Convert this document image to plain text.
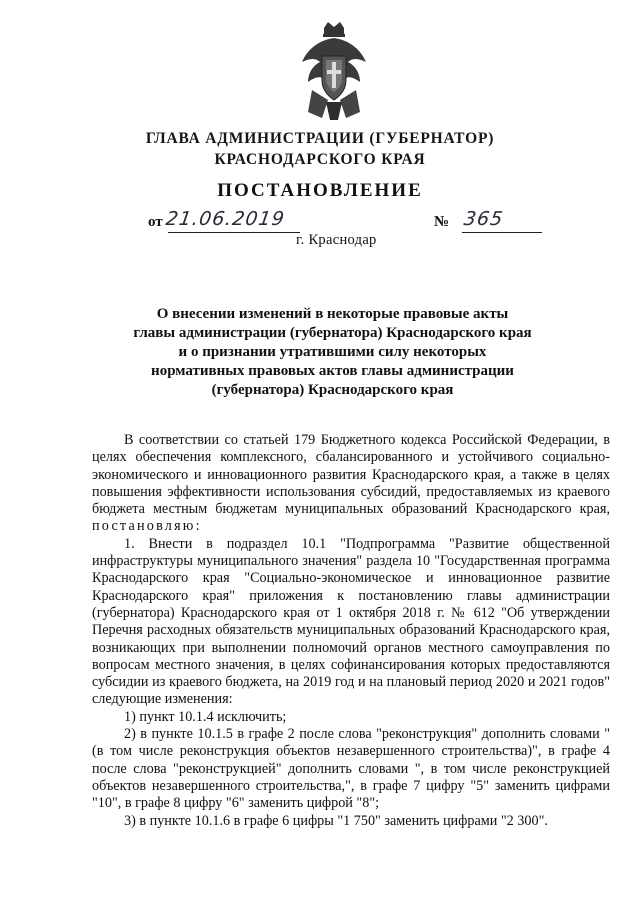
ГЛАВА АДМИНИСТРАЦИИ (ГУБЕРНАТОР)
КРАСНОДАРСКОГО КРАЯ
ПОСТАНОВЛЕНИЕ
от 21.06.2019	№ 365
г. Краснодар
О внесении изменений в некоторые правовые акты
главы администрации (губернатора) Краснодарского края
и о признании утратившими силу некоторых
нормативных правовых актов главы администрации
(губернатора) Краснодарского края

В соответствии со статьей 179 Бюджетного кодекса Российской Федерации, в целях обеспечения комплексного, сбалансированного и устойчивого социально-экономического и инновационного развития Краснодарского края, а также в целях повышения эффективности использования субсидий, предоставляемых из краевого бюджета местным бюджетам муниципальных образований Краснодарского края, постановляю:

1. Внести в подраздел 10.1 "Подпрограмма "Развитие общественной инфраструктуры муниципального значения" раздела 10 "Государственная программа Краснодарского края "Социально-экономическое и инновационное развитие Краснодарского края" приложения к постановлению главы администрации (губернатора) Краснодарского края от 1 октября 2018 г. № 612 "Об утверждении Перечня расходных обязательств муниципальных образований Краснодарского края, возникающих при выполнении полномочий органов местного самоуправления по вопросам местного значения, в целях софинансирования которых предоставляются субсидии из краевого бюджета, на 2019 год и на плановый период 2020 и 2021 годов" следующие изменения:

1) пункт 10.1.4 исключить;

2) в пункте 10.1.5 в графе 2 после слова "реконструкция" дополнить словами "(в том числе реконструкция объектов незавершенного строительства)", в графе 4 после слова "реконструкцией" дополнить словами ", в том числе реконструкцией объектов незавершенного строительства,", в графе 7 цифру "5" заменить цифрами "10", в графе 8 цифру "6" заменить цифрой "8";

3) в пункте 10.1.6 в графе 6 цифры "1 750" заменить цифрами "2 300".
